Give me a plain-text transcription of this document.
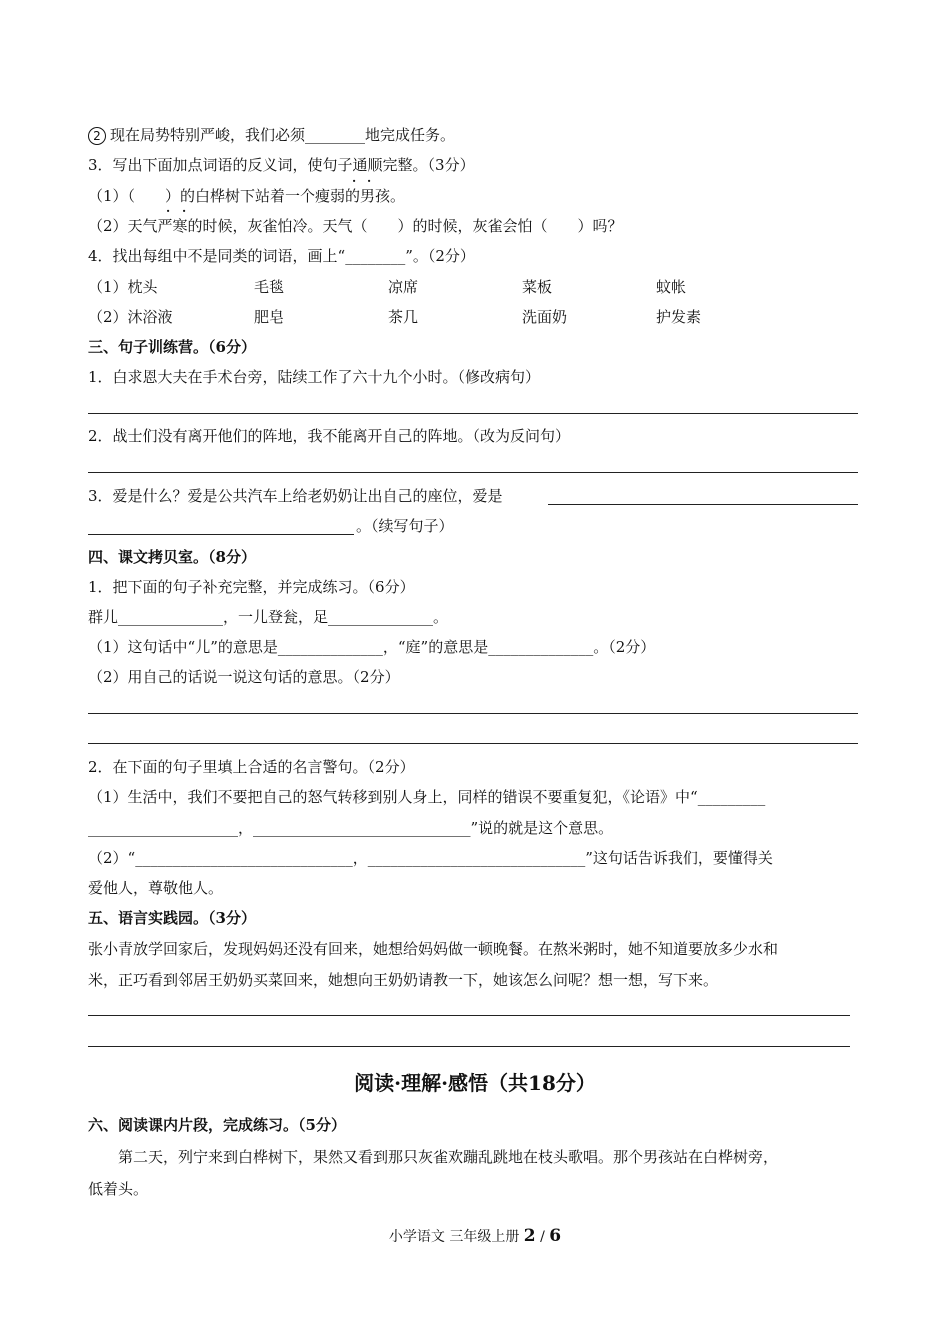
2 现在局势特别严峻，我们必须________地完成任务。
3．写出下面加点词语的反义词，使句子通顺完整。（3分）
（1）（　　）的白桦树下站着一个瘦弱的男孩。
· ·
（2）天气严寒的时候，灰雀怕冷。天气（　　）的时候，灰雀会怕（　　）吗？
· ·
4．找出每组中不是同类的词语，画上“________”。（2分）
（1）枕头	毛毯	凉席	菜板	蚊帐
（2）沐浴液	肥皂	茶几	洗面奶	护发素
三、句子训练营。（6分）
1．白求恩大夫在手术台旁，陆续工作了六十九个小时。（修改病句）
2．战士们没有离开他们的阵地，我不能离开自己的阵地。（改为反问句）
3．爱是什么？爱是公共汽车上给老奶奶让出自己的座位，爱是
。（续写句子）
四、课文拷贝室。（8分）
1．把下面的句子补充完整，并完成练习。（6分）
群儿______________，一儿登瓮，足______________。
（1）这句话中“儿”的意思是______________，“庭”的意思是______________。（2分）
（2）用自己的话说一说这句话的意思。（2分）
2．在下面的句子里填上合适的名言警句。（2分）
（1）生活中，我们不要把自己的怒气转移到别人身上，同样的错误不要重复犯，《论语》中“_________
____________________，_____________________________”说的就是这个意思。
（2）“_____________________________，_____________________________”这句话告诉我们，要懂得关
爱他人，尊敬他人。
五、语言实践园。（3分）
张小青放学回家后，发现妈妈还没有回来，她想给妈妈做一顿晚餐。在熬米粥时，她不知道要放多少水和
米，正巧看到邻居王奶奶买菜回来，她想向王奶奶请教一下，她该怎么问呢？想一想，写下来。
阅读·理解·感悟（共18分）
六、阅读课内片段，完成练习。（5分）
　　第二天，列宁来到白桦树下，果然又看到那只灰雀欢蹦乱跳地在枝头歌唱。那个男孩站在白桦树旁，
低着头。
小学语文 三年级上册 2 / 6
